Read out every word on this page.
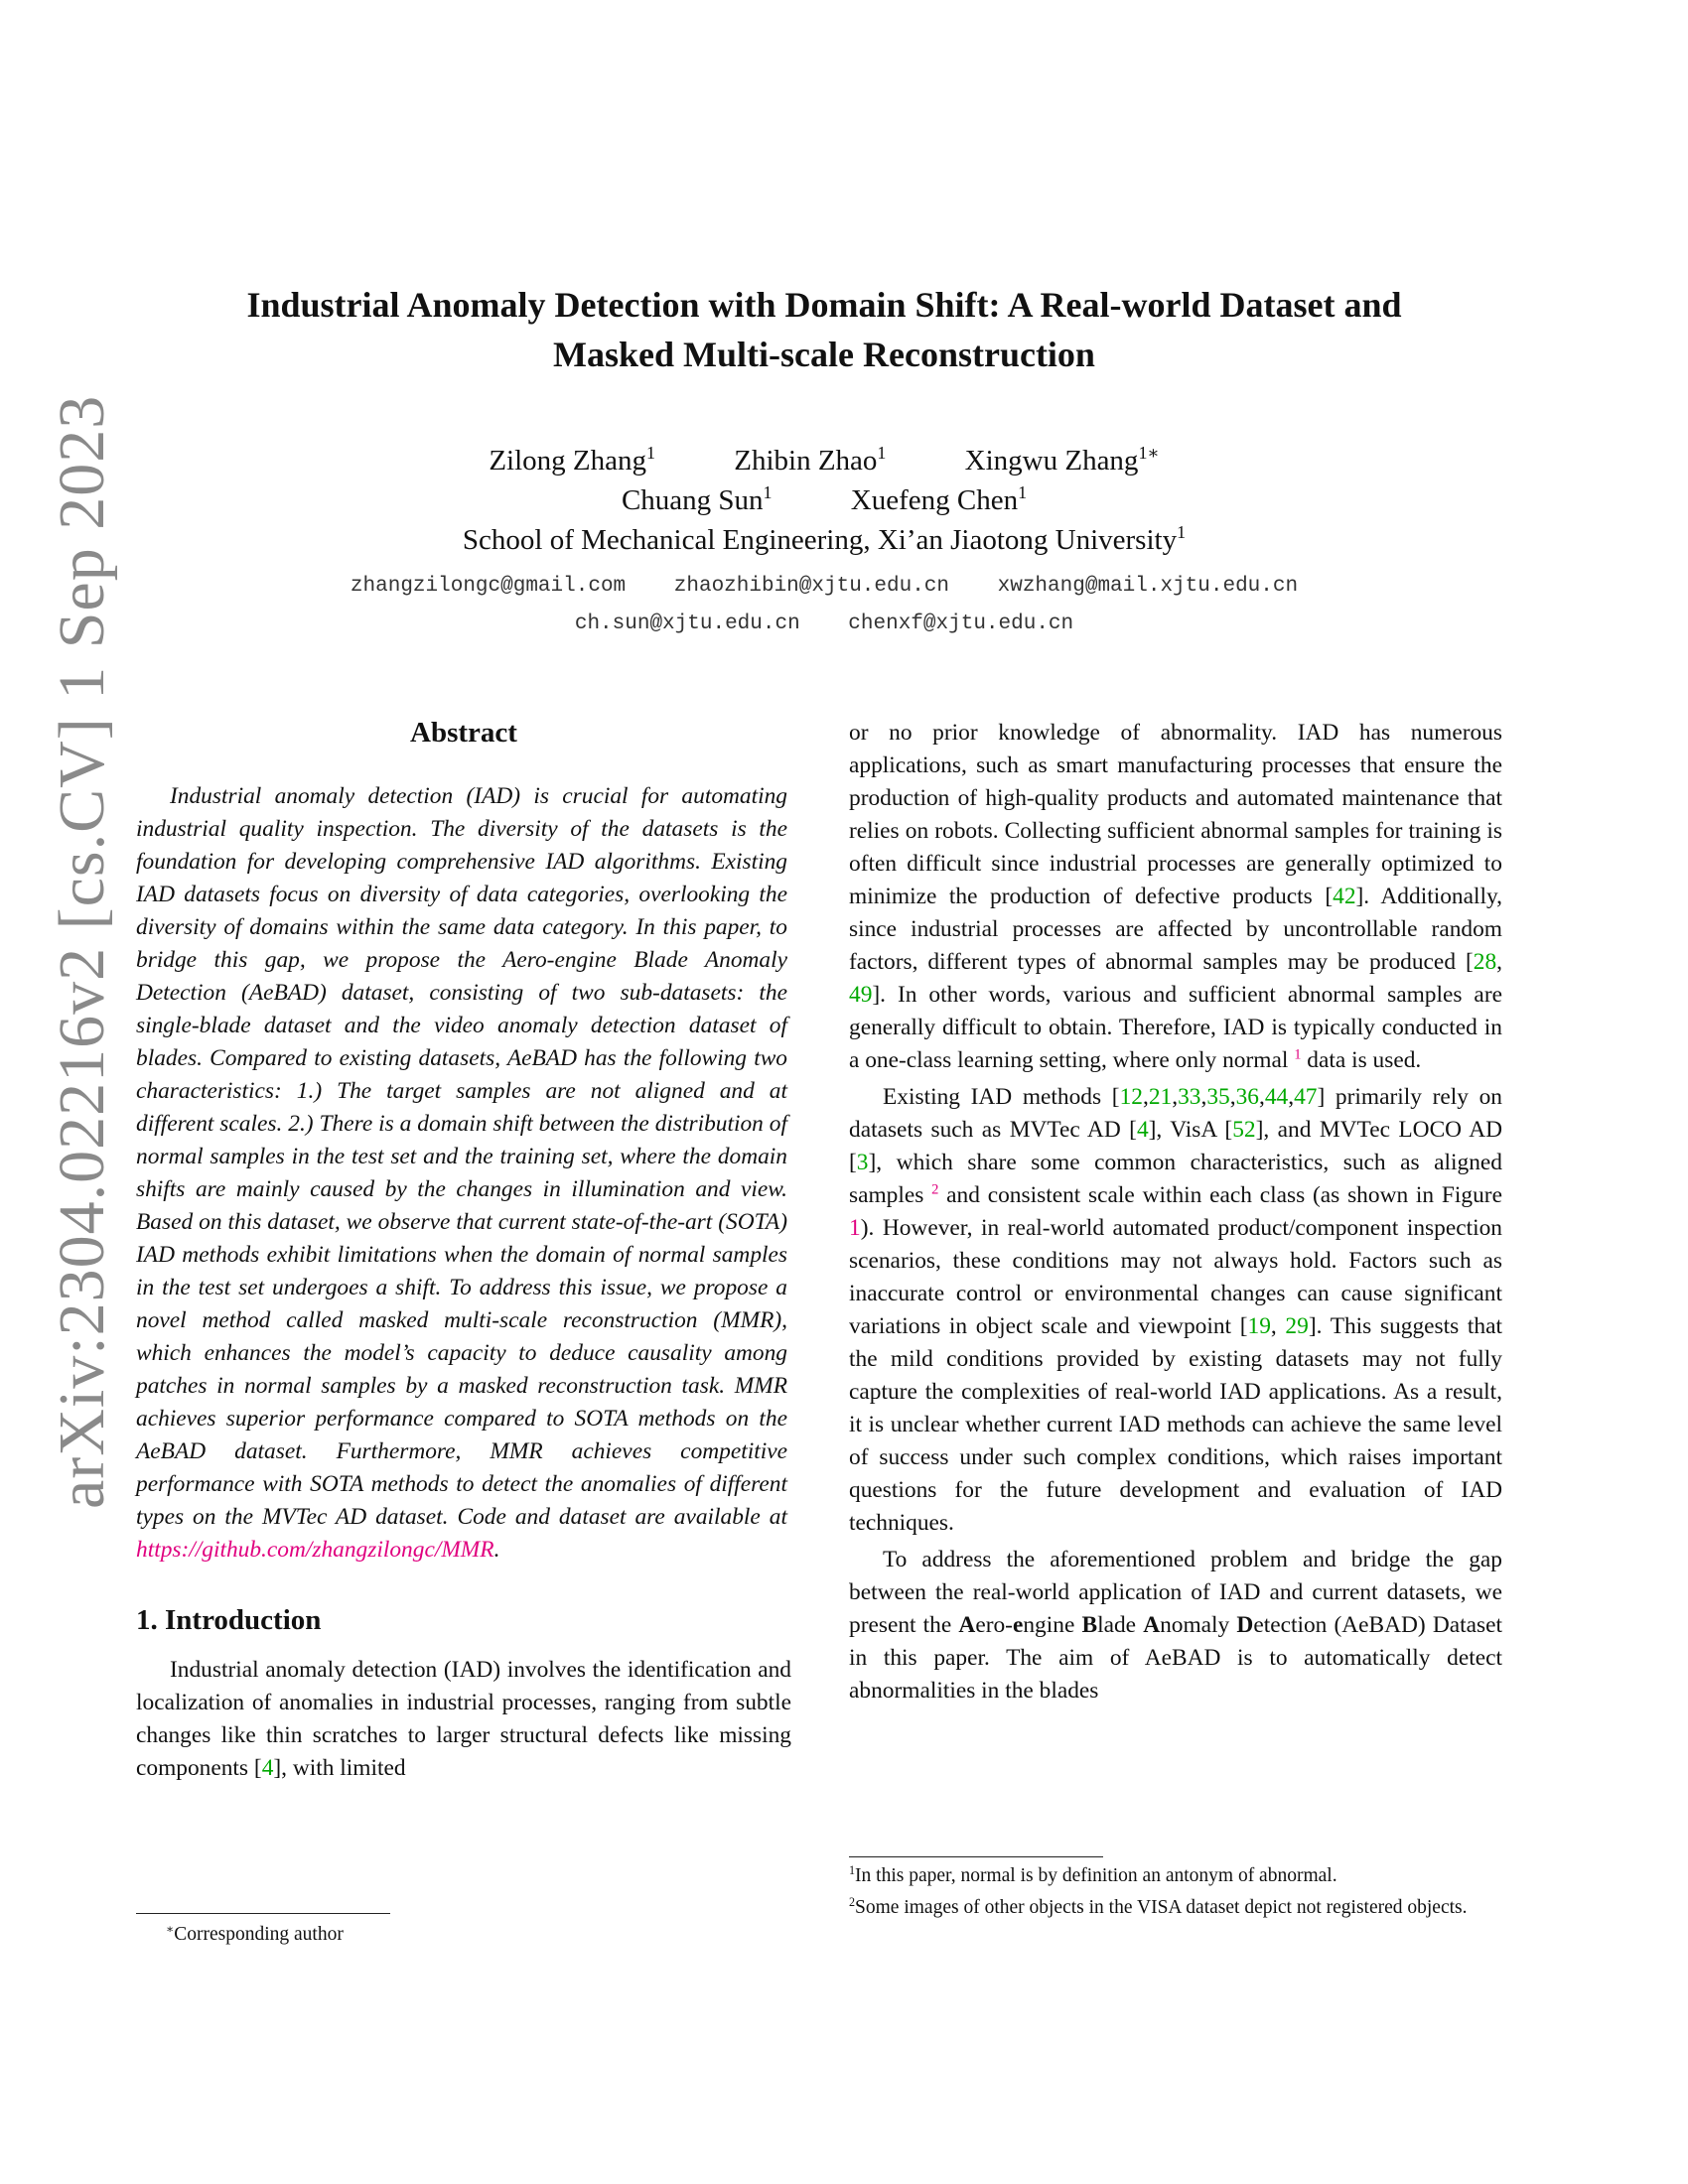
arXiv:2304.02216v2 [cs.CV] 1 Sep 2023
Industrial Anomaly Detection with Domain Shift: A Real-world Dataset and
Masked Multi-scale Reconstruction
Zilong Zhang$^1$	Zhibin Zhao$^1$	Xingwu Zhang$^{1∗}$
Chuang Sun$^1$	Xuefeng Chen$^1$
School of Mechanical Engineering, Xi’an Jiaotong University$^1$
zhangzilongc@gmail.com zhaozhibin@xjtu.edu.cn xwzhang@mail.xjtu.edu.cn
ch.sun@xjtu.edu.cn chenxf@xjtu.edu.cn
Abstract

Industrial anomaly detection (IAD) is crucial for automating industrial quality inspection. The diversity of the datasets is the foundation for developing comprehensive IAD algorithms. Existing IAD datasets focus on diversity of data categories, overlooking the diversity of domains within the same data category. In this paper, to bridge this gap, we propose the Aero-engine Blade Anomaly Detection (AeBAD) dataset, consisting of two sub-datasets: the single-blade dataset and the video anomaly detection dataset of blades. Compared to existing datasets, AeBAD has the following two characteristics: 1.) The target samples are not aligned and at different scales. 2.) There is a domain shift between the distribution of normal samples in the test set and the training set, where the domain shifts are mainly caused by the changes in illumination and view. Based on this dataset, we observe that current state-of-the-art (SOTA) IAD methods exhibit limitations when the domain of normal samples in the test set undergoes a shift. To address this issue, we propose a novel method called masked multi-scale reconstruction (MMR), which enhances the model’s capacity to deduce causality among patches in normal samples by a masked reconstruction task. MMR achieves superior performance compared to SOTA methods on the AeBAD dataset. Furthermore, MMR achieves competitive performance with SOTA methods to detect the anomalies of different types on the MVTec AD dataset. Code and dataset are available at https://github.com/zhangzilongc/MMR.

1. Introduction

Industrial anomaly detection (IAD) involves the identification and localization of anomalies in industrial processes, ranging from subtle changes like thin scratches to larger structural defects like missing components [4], with limited

∗Corresponding author

or no prior knowledge of abnormality. IAD has numerous applications, such as smart manufacturing processes that ensure the production of high-quality products and automated maintenance that relies on robots. Collecting sufficient abnormal samples for training is often difficult since industrial processes are generally optimized to minimize the production of defective products [42]. Additionally, since industrial processes are affected by uncontrollable random factors, different types of abnormal samples may be produced [28, 49]. In other words, various and sufficient abnormal samples are generally difficult to obtain. Therefore, IAD is typically conducted in a one-class learning setting, where only normal $^1$ data is used.

Existing IAD methods [12,21,33,35,36,44,47] primarily rely on datasets such as MVTec AD [4], VisA [52], and MVTec LOCO AD [3], which share some common characteristics, such as aligned samples $^2$ and consistent scale within each class (as shown in Figure 1). However, in real-world automated product/component inspection scenarios, these conditions may not always hold. Factors such as inaccurate control or environmental changes can cause significant variations in object scale and viewpoint [19, 29]. This suggests that the mild conditions provided by existing datasets may not fully capture the complexities of real-world IAD applications. As a result, it is unclear whether current IAD methods can achieve the same level of success under such complex conditions, which raises important questions for the future development and evaluation of IAD techniques.

To address the aforementioned problem and bridge the gap between the real-world application of IAD and current datasets, we present the Aero-engine Blade Anomaly Detection (AeBAD) Dataset in this paper. The aim of AeBAD is to automatically detect abnormalities in the blades

$^1$In this paper, normal is by definition an antonym of abnormal.
$^2$Some images of other objects in the VISA dataset depict not registered objects.
